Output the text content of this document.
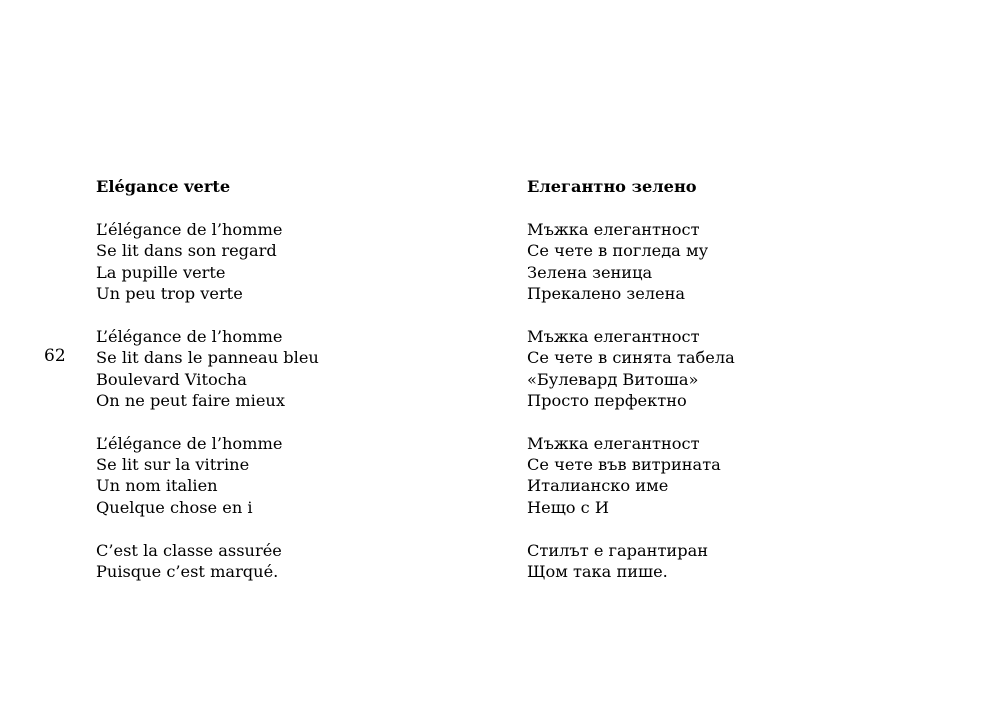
62
Elégance verte
L’élégance de l’homme
Se lit dans son regard
La pupille verte
Un peu trop verte
L’élégance de l’homme
Se lit dans le panneau bleu
Boulevard Vitocha
On ne peut faire mieux
L’élégance de l’homme
Se lit sur la vitrine
Un nom italien
Quelque chose en i
C’est la classe assurée
Puisque c’est marqué.
Елегантно зелено
Мъжка елегантност
Се чете в погледа му
Зелена зеница
Прекалено зелена
Мъжка елегантност
Се чете в синята табела
«Булевард Витоша»
Просто перфектно
Мъжка елегантност
Се чете във витрината
Италианско име
Нещо с И
Стилът е гарантиран
Щом така пише.
